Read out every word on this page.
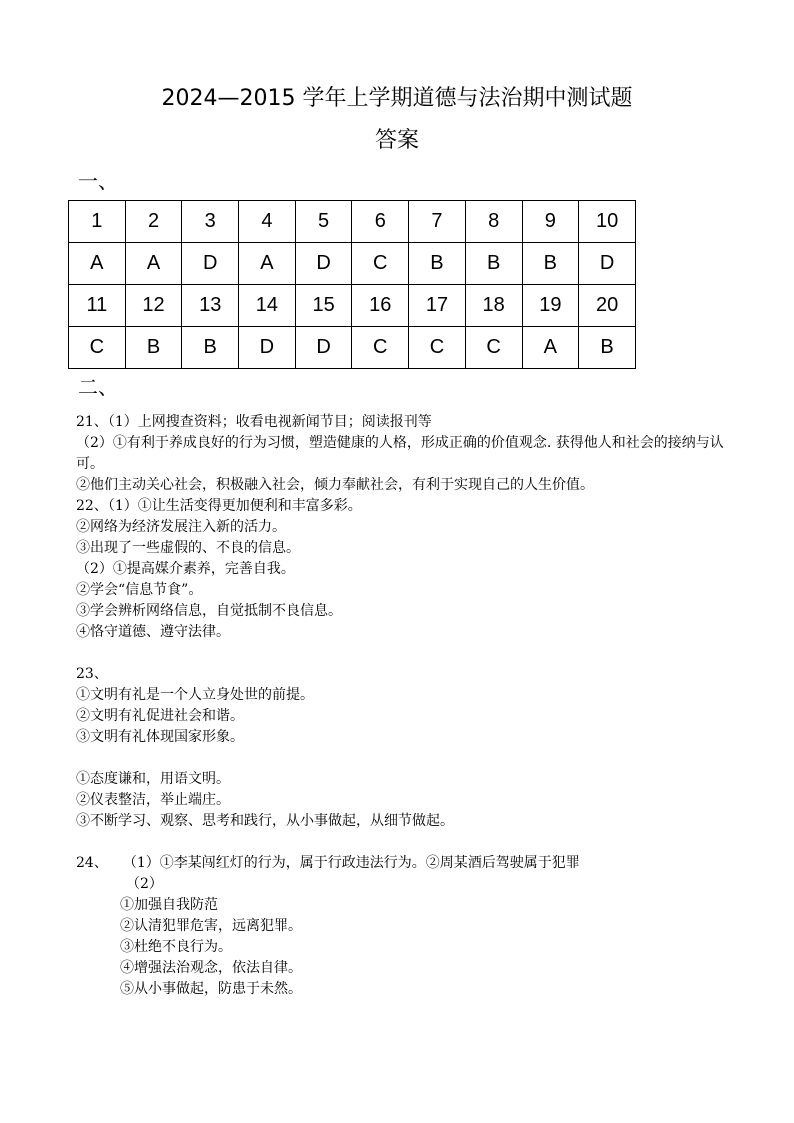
2024—2015 学年上学期道德与法治期中测试题
答案
一、
1	2	3	4	5	6	7	8	9	10
A	A	D	A	D	C	B	B	B	D
11	12	13	14	15	16	17	18	19	20
C	B	B	D	D	C	C	C	A	B
二、
21、（1）上网搜查资料；收看电视新闻节目；阅读报刊等
（2）①有利于养成良好的行为习惯，塑造健康的人格，形成正确的价值观念. 获得他人和社会的接纳与认可。
②他们主动关心社会，积极融入社会，倾力奉献社会，有利于实现自己的人生价值。
22、（1）①让生活变得更加便利和丰富多彩。
②网络为经济发展注入新的活力。
③出现了一些虚假的、不良的信息。
（2）①提高媒介素养，完善自我。
②学会“信息节食”。
③学会辨析网络信息，自觉抵制不良信息。
④恪守道德、遵守法律。
23、
①文明有礼是一个人立身处世的前提。
②文明有礼促进社会和谐。
③文明有礼体现国家形象。
①态度谦和，用语文明。
②仪表整洁，举止端庄。
③不断学习、观察、思考和践行，从小事做起，从细节做起。
24、 （1）①李某闯红灯的行为，属于行政违法行为。②周某酒后驾驶属于犯罪
（2）
①加强自我防范
②认清犯罪危害，远离犯罪。
③杜绝不良行为。
④增强法治观念，依法自律。
⑤从小事做起，防患于未然。
